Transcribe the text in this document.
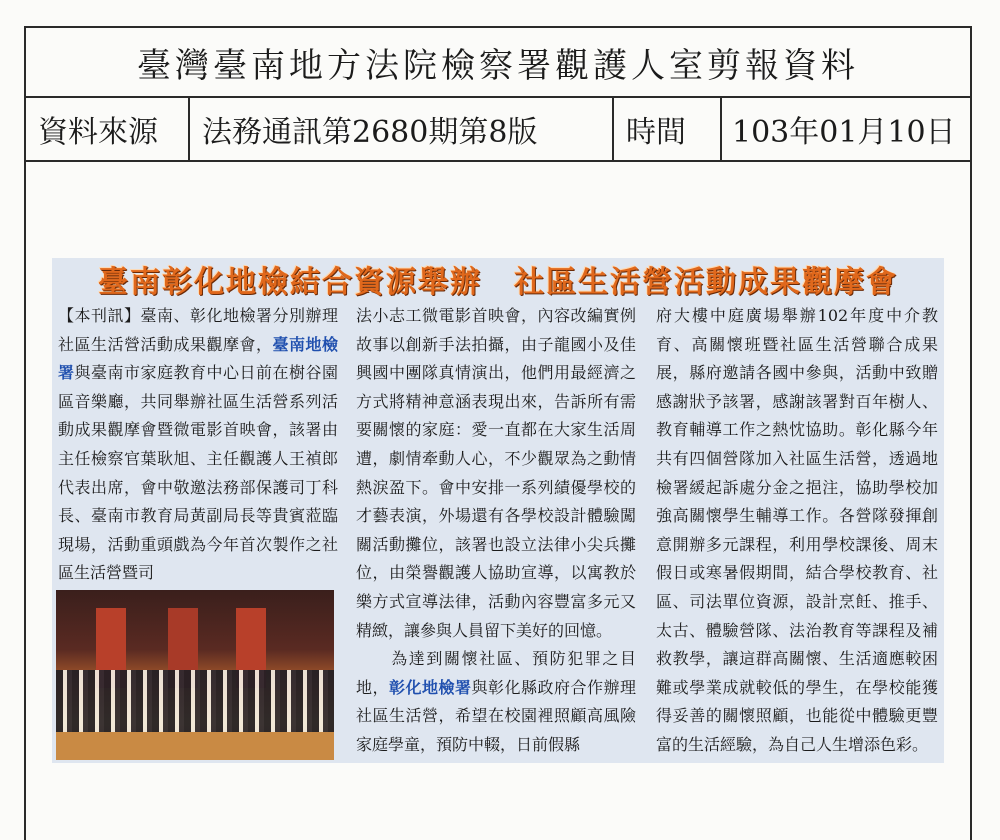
臺灣臺南地方法院檢察署觀護人室剪報資料
資料來源	法務通訊第2680期第8版	時間	103年01月10日
臺南彰化地檢結合資源舉辦　社區生活營活動成果觀摩會

【本刊訊】臺南、彰化地檢署分別辦理社區生活營活動成果觀摩會，臺南地檢署與臺南市家庭教育中心日前在樹谷園區音樂廳，共同舉辦社區生活營系列活動成果觀摩會暨微電影首映會，該署由主任檢察官葉耿旭、主任觀護人王禎郎代表出席，會中敬邀法務部保護司丁科長、臺南市教育局黃副局長等貴賓蒞臨現場，活動重頭戲為今年首次製作之社區生活營暨司

法小志工微電影首映會，內容改編實例故事以創新手法拍攝，由子龍國小及佳興國中團隊真情演出，他們用最經濟之方式將精神意涵表現出來，告訴所有需要關懷的家庭：愛一直都在大家生活周遭，劇情牽動人心，不少觀眾為之動情熱淚盈下。會中安排一系列績優學校的才藝表演，外場還有各學校設計體驗闖關活動攤位，該署也設立法律小尖兵攤位，由榮譽觀護人協助宣導，以寓教於樂方式宣導法律，活動內容豐富多元又精緻，讓參與人員留下美好的回憶。

　　為達到關懷社區、預防犯罪之目地，彰化地檢署與彰化縣政府合作辦理社區生活營，希望在校園裡照顧高風險家庭學童，預防中輟，日前假縣

府大樓中庭廣場舉辦102年度中介教育、高關懷班暨社區生活營聯合成果展，縣府邀請各國中參與，活動中致贈感謝狀予該署，感謝該署對百年樹人、教育輔導工作之熱忱協助。彰化縣今年共有四個營隊加入社區生活營，透過地檢署緩起訴處分金之挹注，協助學校加強高關懷學生輔導工作。各營隊發揮創意開辦多元課程，利用學校課後、周末假日或寒暑假期間，結合學校教育、社區、司法單位資源，設計烹飪、推手、太古、體驗營隊、法治教育等課程及補救教學，讓這群高關懷、生活適應較困難或學業成就較低的學生，在學校能獲得妥善的關懷照顧，也能從中體驗更豐富的生活經驗，為自己人生增添色彩。
